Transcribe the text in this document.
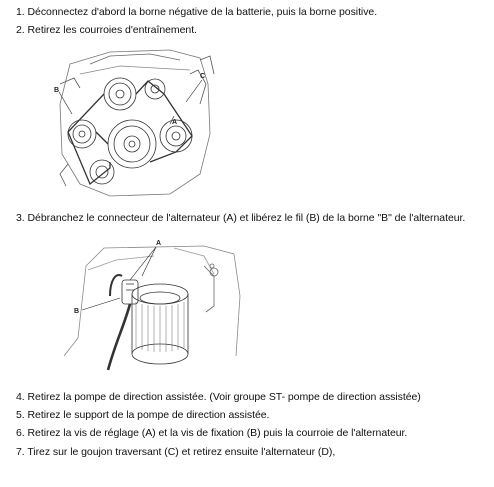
1. Déconnectez d'abord la borne négative de la batterie, puis la borne positive.
2. Retirez les courroies d'entraînement.
B
C
A
3. Débranchez le connecteur de l'alternateur (A) et libérez le fil (B) de la borne "B" de l'alternateur.
A
B
4. Retirez la pompe de direction assistée. (Voir groupe ST- pompe de direction assistée)
5. Retirez le support de la pompe de direction assistée.
6. Retirez la vis de réglage (A) et la vis de fixation (B) puis la courroie de l'alternateur.
7. Tirez sur le goujon traversant (C) et retirez ensuite l'alternateur (D),
